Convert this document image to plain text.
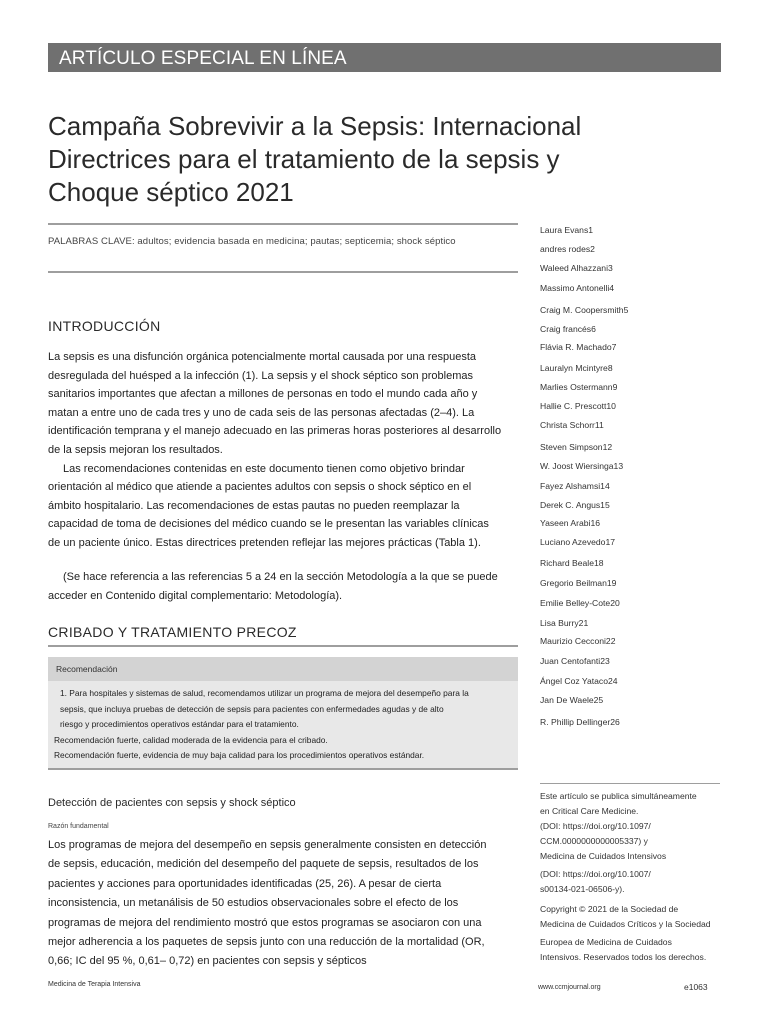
ARTÍCULO ESPECIAL EN LÍNEA
Campaña Sobrevivir a la Sepsis: Internacional
Directrices para el tratamiento de la sepsis y
Choque séptico 2021
PALABRAS CLAVE: adultos; evidencia basada en medicina; pautas; septicemia; shock séptico
INTRODUCCIÓN

La sepsis es una disfunción orgánica potencialmente mortal causada por una respuesta

desregulada del huésped a la infección (1). La sepsis y el shock séptico son problemas

sanitarios importantes que afectan a millones de personas en todo el mundo cada año y

matan a entre uno de cada tres y uno de cada seis de las personas afectadas (2–4). La

identificación temprana y el manejo adecuado en las primeras horas posteriores al desarrollo

de la sepsis mejoran los resultados.

Las recomendaciones contenidas en este documento tienen como objetivo brindar

orientación al médico que atiende a pacientes adultos con sepsis o shock séptico en el

ámbito hospitalario. Las recomendaciones de estas pautas no pueden reemplazar la

capacidad de toma de decisiones del médico cuando se le presentan las variables clínicas

de un paciente único. Estas directrices pretenden reflejar las mejores prácticas (Tabla 1).

(Se hace referencia a las referencias 5 a 24 en la sección Metodología a la que se puede

acceder en Contenido digital complementario: Metodología).

CRIBADO Y TRATAMIENTO PRECOZ
Recomendación
1. Para hospitales y sistemas de salud, recomendamos utilizar un programa de mejora del desempeño para la
sepsis, que incluya pruebas de detección de sepsis para pacientes con enfermedades agudas y de alto
riesgo y procedimientos operativos estándar para el tratamiento.
Recomendación fuerte, calidad moderada de la evidencia para el cribado.
Recomendación fuerte, evidencia de muy baja calidad para los procedimientos operativos estándar.
Detección de pacientes con sepsis y shock séptico
Razón fundamental

Los programas de mejora del desempeño en sepsis generalmente consisten en detección

de sepsis, educación, medición del desempeño del paquete de sepsis, resultados de los

pacientes y acciones para oportunidades identificadas (25, 26). A pesar de cierta

inconsistencia, un metanálisis de 50 estudios observacionales sobre el efecto de los

programas de mejora del rendimiento mostró que estos programas se asociaron con una

mejor adherencia a los paquetes de sepsis junto con una reducción de la mortalidad (OR,

0,66; IC del 95 %, 0,61– 0,72) en pacientes con sepsis y sépticos

Laura Evans1
andres rodes2
Waleed Alhazzani3
Massimo Antonelli4
Craig M. Coopersmith5
Craig francés6
Flávia R. Machado7
Lauralyn Mcintyre8
Marlies Ostermann9
Hallie C. Prescott10
Christa Schorr11
Steven Simpson12
W. Joost Wiersinga13
Fayez Alshamsi14
Derek C. Angus15
Yaseen Arabi16
Luciano Azevedo17
Richard Beale18
Gregorio Beilman19
Emilie Belley-Cote20
Lisa Burry21
Maurizio Cecconi22
Juan Centofanti23
Ángel Coz Yataco24
Jan De Waele25
R. Phillip Dellinger26
Este artículo se publica simultáneamente
en Critical Care Medicine.
(DOI: https://doi.org/10.1097/
CCM.0000000000005337) y
Medicina de Cuidados Intensivos
(DOI: https://doi.org/10.1007/
s00134-021-06506-y).
Copyright © 2021 de la Sociedad de
Medicina de Cuidados Críticos y la Sociedad
Europea de Medicina de Cuidados
Intensivos. Reservados todos los derechos.
Medicina de Terapia Intensiva	www.ccmjournal.org	e1063
